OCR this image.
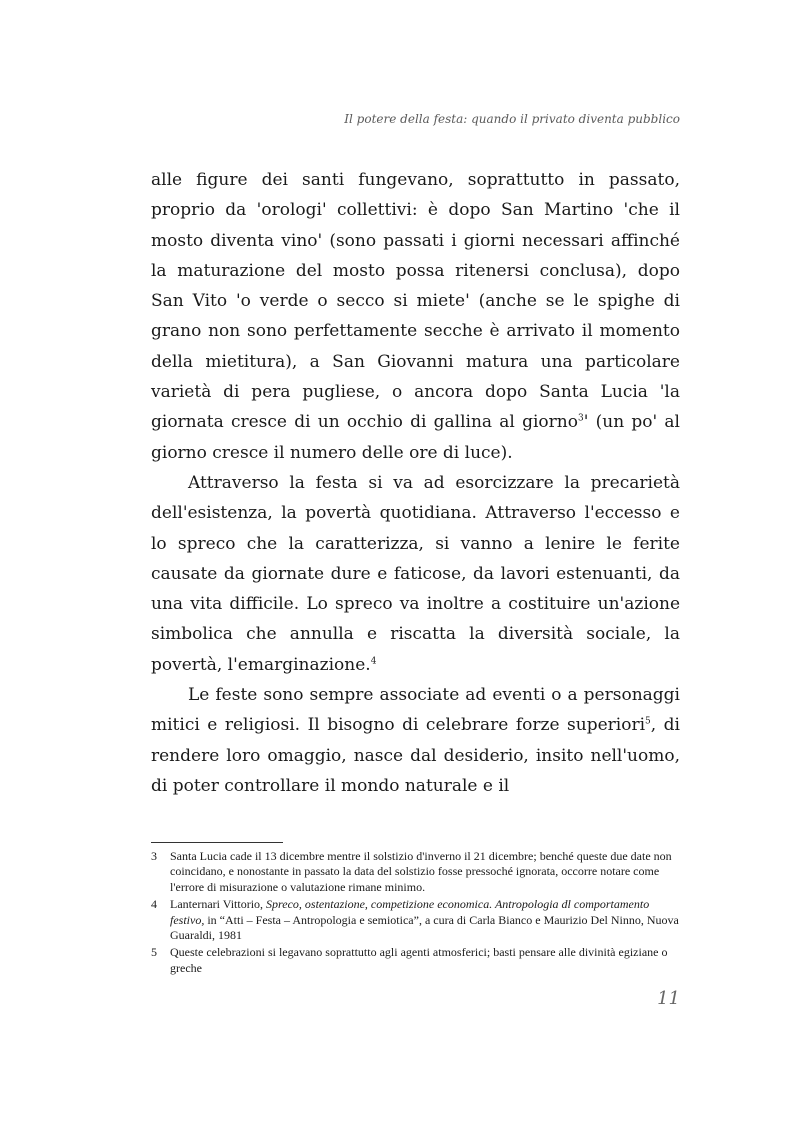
Il potere della festa: quando il privato diventa pubblico

alle figure dei santi fungevano, soprattutto in passato, proprio da 'orologi' collettivi: è dopo San Martino 'che il mosto diventa vino' (sono passati i giorni necessari affinché la maturazione del mosto possa ritenersi conclusa), dopo San Vito 'o verde o secco si miete' (anche se le spighe di grano non sono perfettamente secche è arrivato il momento della mietitura), a San Giovanni matura una particolare varietà di pera pugliese, o ancora dopo Santa Lucia 'la giornata cresce di un occhio di gallina al giorno$^3$' (un po' al giorno cresce il numero delle ore di luce).

Attraverso la festa si va ad esorcizzare la precarietà dell'esistenza, la povertà quotidiana. Attraverso l'eccesso e lo spreco che la caratterizza, si vanno a lenire le ferite causate da giornate dure e faticose, da lavori estenuanti, da una vita difficile. Lo spreco va inoltre a costituire un'azione simbolica che annulla e riscatta la diversità sociale, la povertà, l'emarginazione.$^4$

Le feste sono sempre associate ad eventi o a personaggi mitici e religiosi. Il bisogno di celebrare forze superiori$^5$, di rendere loro omaggio, nasce dal desiderio, insito nell'uomo, di poter controllare il mondo naturale e il

3	Santa Lucia cade il 13 dicembre mentre il solstizio d'inverno il 21 dicembre; benché queste due date non coincidano, e nonostante in passato la data del solstizio fosse pressoché ignorata, occorre notare come l'errore di misurazione o valutazione rimane minimo.
4	Lanternari Vittorio, Spreco, ostentazione, competizione economica. Antropologia dl comportamento festivo, in “Atti – Festa – Antropologia e semiotica”, a cura di Carla Bianco e Maurizio Del Ninno, Nuova Guaraldi, 1981
5	Queste celebrazioni si legavano soprattutto agli agenti atmosferici; basti pensare alle divinità egiziane o greche
11
